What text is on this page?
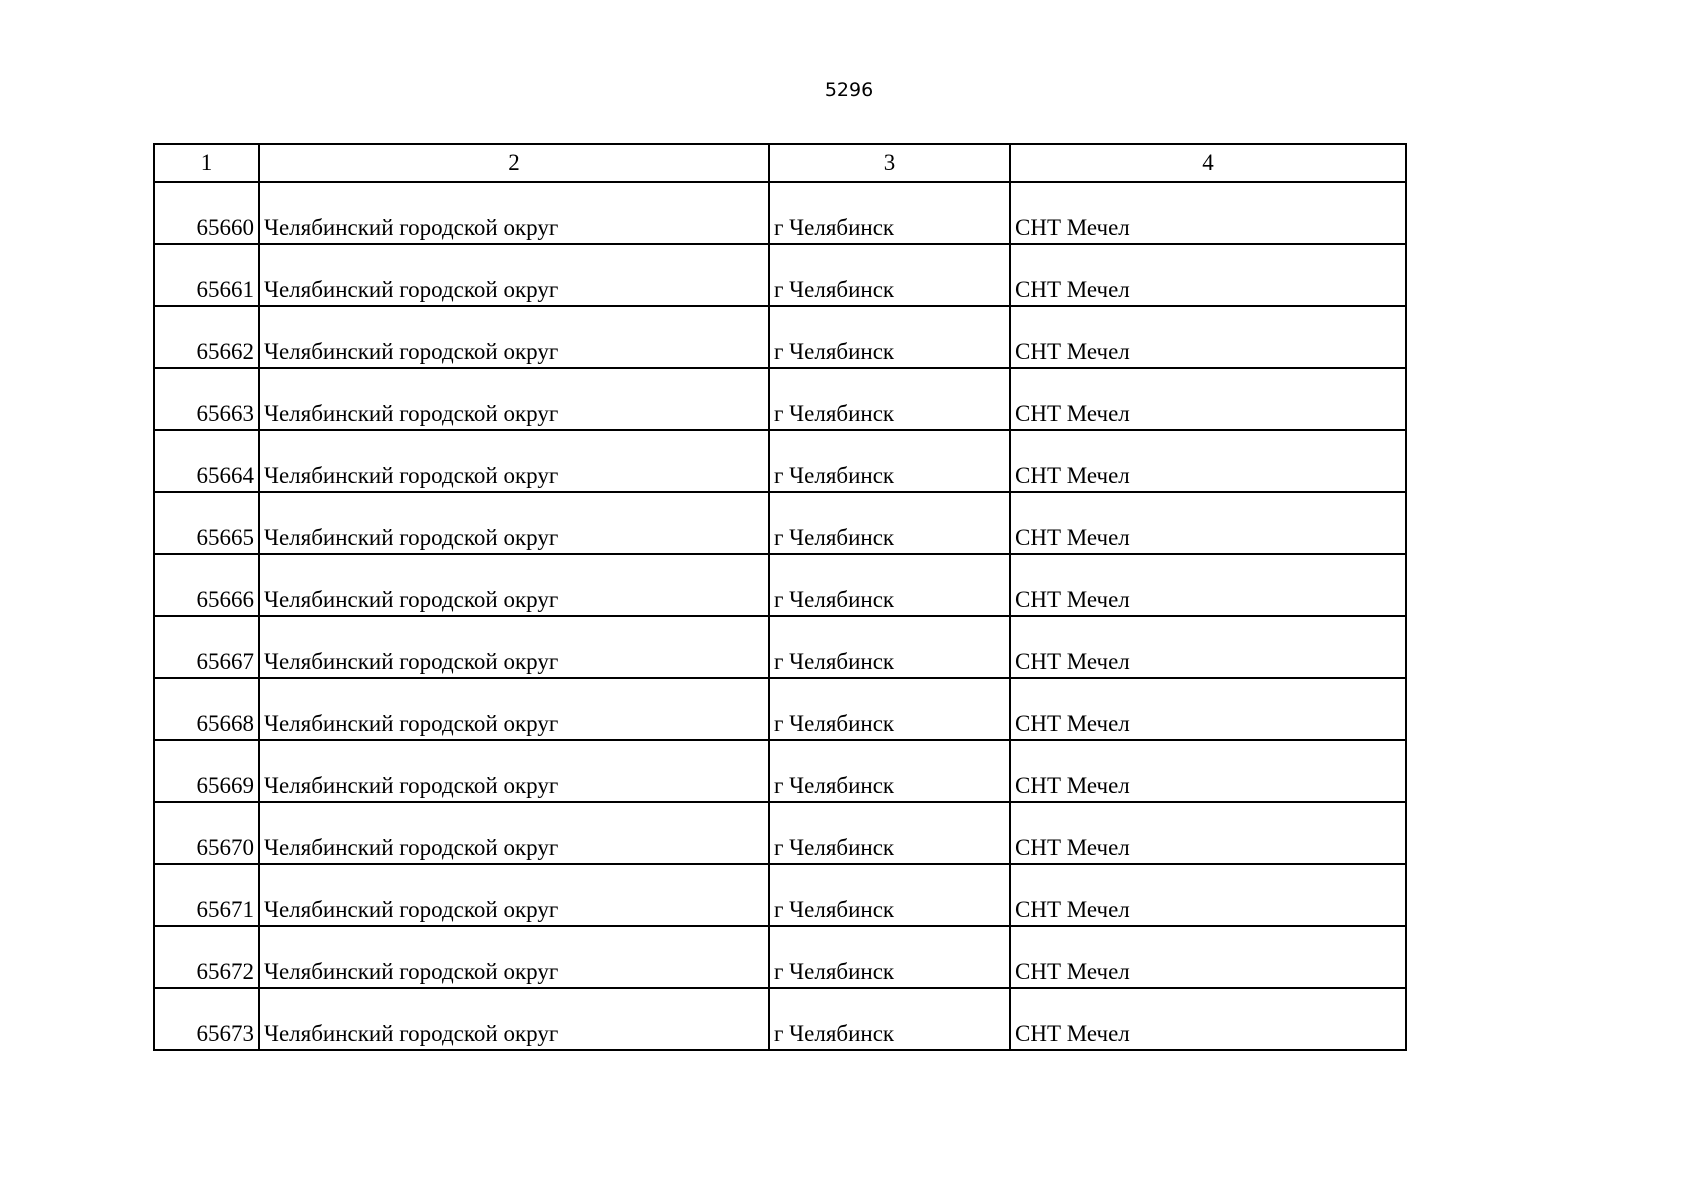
5296
1	2	3	4
65660	Челябинский городской округ	г Челябинск	СНТ Мечел
65661	Челябинский городской округ	г Челябинск	СНТ Мечел
65662	Челябинский городской округ	г Челябинск	СНТ Мечел
65663	Челябинский городской округ	г Челябинск	СНТ Мечел
65664	Челябинский городской округ	г Челябинск	СНТ Мечел
65665	Челябинский городской округ	г Челябинск	СНТ Мечел
65666	Челябинский городской округ	г Челябинск	СНТ Мечел
65667	Челябинский городской округ	г Челябинск	СНТ Мечел
65668	Челябинский городской округ	г Челябинск	СНТ Мечел
65669	Челябинский городской округ	г Челябинск	СНТ Мечел
65670	Челябинский городской округ	г Челябинск	СНТ Мечел
65671	Челябинский городской округ	г Челябинск	СНТ Мечел
65672	Челябинский городской округ	г Челябинск	СНТ Мечел
65673	Челябинский городской округ	г Челябинск	СНТ Мечел
